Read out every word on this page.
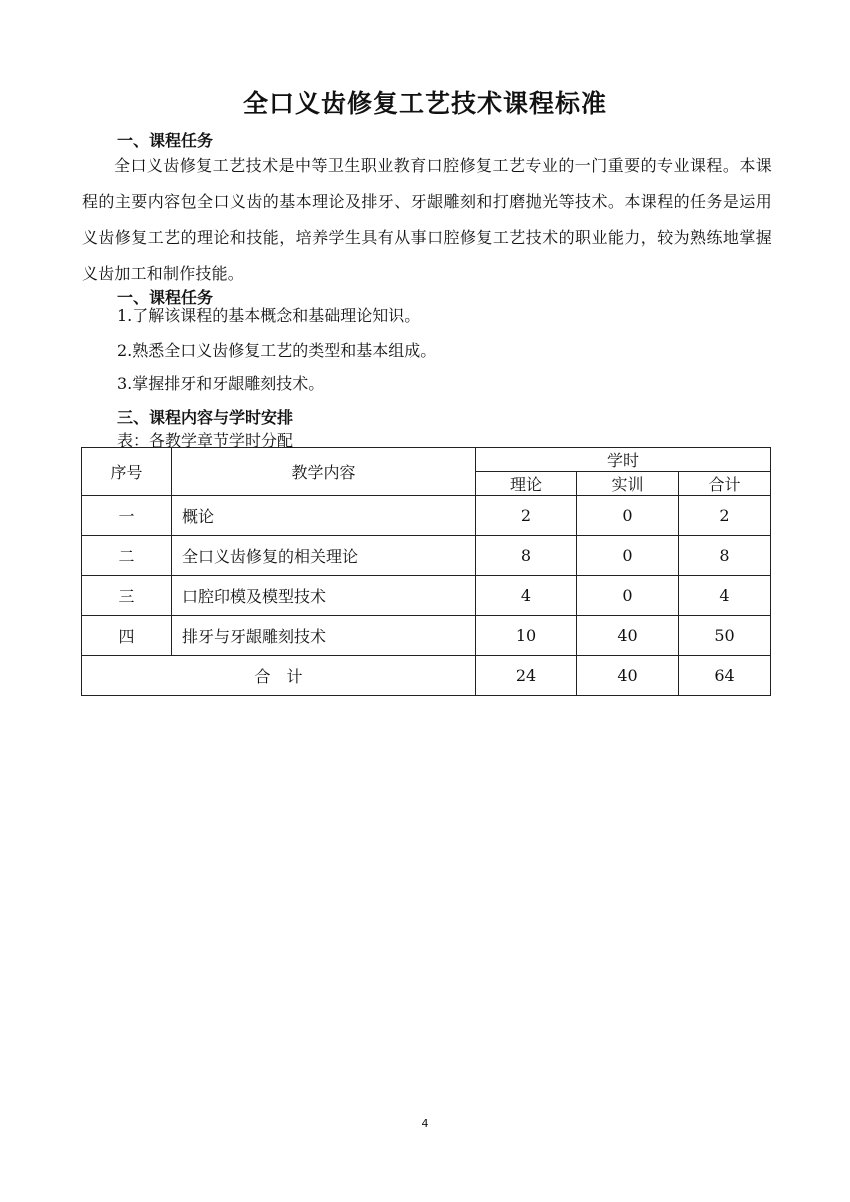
全口义齿修复工艺技术课程标准
一、课程任务
全口义齿修复工艺技术是中等卫生职业教育口腔修复工艺专业的一门重要的专业课程。本课程的主要内容包全口义齿的基本理论及排牙、牙龈雕刻和打磨抛光等技术。本课程的任务是运用义齿修复工艺的理论和技能，培养学生具有从事口腔修复工艺技术的职业能力，较为熟练地掌握义齿加工和制作技能。
一、课程任务
1.了解该课程的基本概念和基础理论知识。
2.熟悉全口义齿修复工艺的类型和基本组成。
3.掌握排牙和牙龈雕刻技术。
三、课程内容与学时安排
表：各教学章节学时分配
序号	教学内容	学时		
		理论	实训	合计
一	概论	2	0	2
二	全口义齿修复的相关理论	8	0	8
三	口腔印模及模型技术	4	0	4
四	排牙与牙龈雕刻技术	10	40	50
合　计		24	40	64
4
